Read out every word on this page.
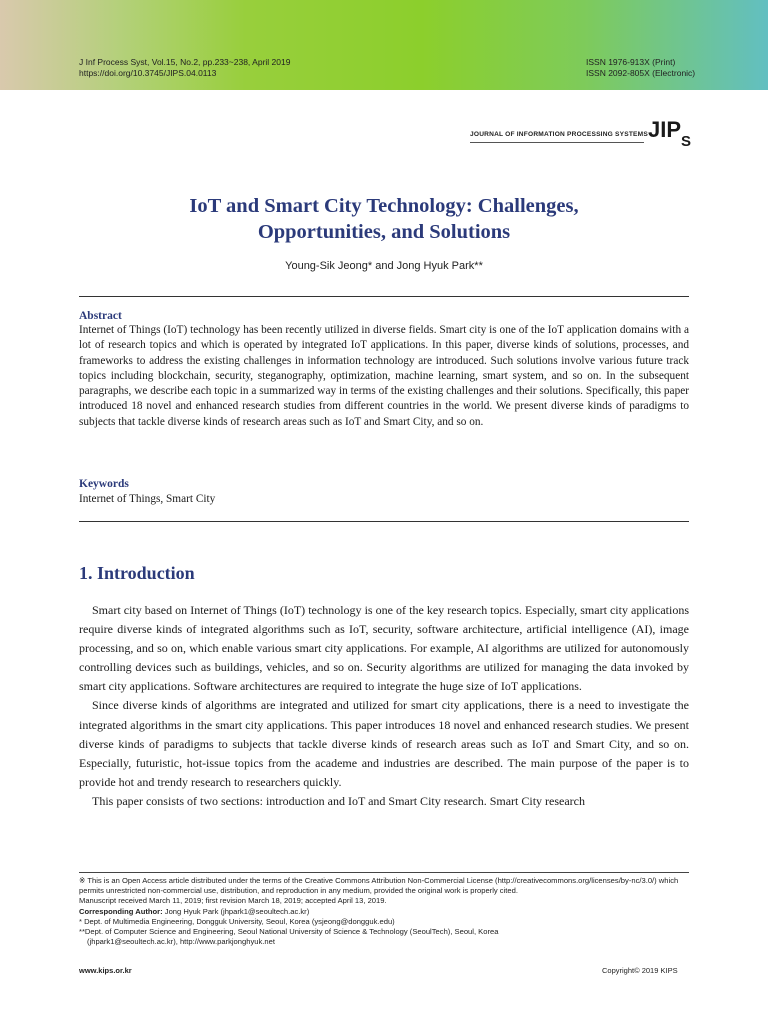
J Inf Process Syst, Vol.15, No.2, pp.233~238, April 2019
https://doi.org/10.3745/JIPS.04.0113
ISSN 1976-913X (Print)
ISSN 2092-805X (Electronic)
JOURNAL OF INFORMATION PROCESSING SYSTEMS JIP S
IoT and Smart City Technology: Challenges,
Opportunities, and Solutions
Young-Sik Jeong* and Jong Hyuk Park**
Abstract
Internet of Things (IoT) technology has been recently utilized in diverse fields. Smart city is one of the IoT application domains with a lot of research topics and which is operated by integrated IoT applications. In this paper, diverse kinds of solutions, processes, and frameworks to address the existing challenges in information technology are introduced. Such solutions involve various future track topics including blockchain, security, steganography, optimization, machine learning, smart system, and so on. In the subsequent paragraphs, we describe each topic in a summarized way in terms of the existing challenges and their solutions. Specifically, this paper introduced 18 novel and enhanced research studies from different countries in the world. We present diverse kinds of paradigms to subjects that tackle diverse kinds of research areas such as IoT and Smart City, and so on.
Keywords
Internet of Things, Smart City
1. Introduction

Smart city based on Internet of Things (IoT) technology is one of the key research topics. Especially, smart city applications require diverse kinds of integrated algorithms such as IoT, security, software architecture, artificial intelligence (AI), image processing, and so on, which enable various smart city applications. For example, AI algorithms are utilized for autonomously controlling devices such as buildings, vehicles, and so on. Security algorithms are utilized for managing the data invoked by smart city applications. Software architectures are required to integrate the huge size of IoT applications.

Since diverse kinds of algorithms are integrated and utilized for smart city applications, there is a need to investigate the integrated algorithms in the smart city applications. This paper introduces 18 novel and enhanced research studies. We present diverse kinds of paradigms to subjects that tackle diverse kinds of research areas such as IoT and Smart City, and so on. Especially, futuristic, hot-issue topics from the academe and industries are described. The main purpose of the paper is to provide hot and trendy research to researchers quickly.

This paper consists of two sections: introduction and IoT and Smart City research. Smart City research

※ This is an Open Access article distributed under the terms of the Creative Commons Attribution Non-Commercial License (http://creativecommons.org/licenses/by-nc/3.0/) which
permits unrestricted non-commercial use, distribution, and reproduction in any medium, provided the original work is properly cited.
Manuscript received March 11, 2019; first revision March 18, 2019; accepted April 13, 2019.
Corresponding Author: Jong Hyuk Park (jhpark1@seoultech.ac.kr)
* Dept. of Multimedia Engineering, Dongguk University, Seoul, Korea (ysjeong@dongguk.edu)
**Dept. of Computer Science and Engineering, Seoul National University of Science & Technology (SeoulTech), Seoul, Korea
(jhpark1@seoultech.ac.kr), http://www.parkjonghyuk.net
www.kips.or.kr	Copyright© 2019 KIPS
